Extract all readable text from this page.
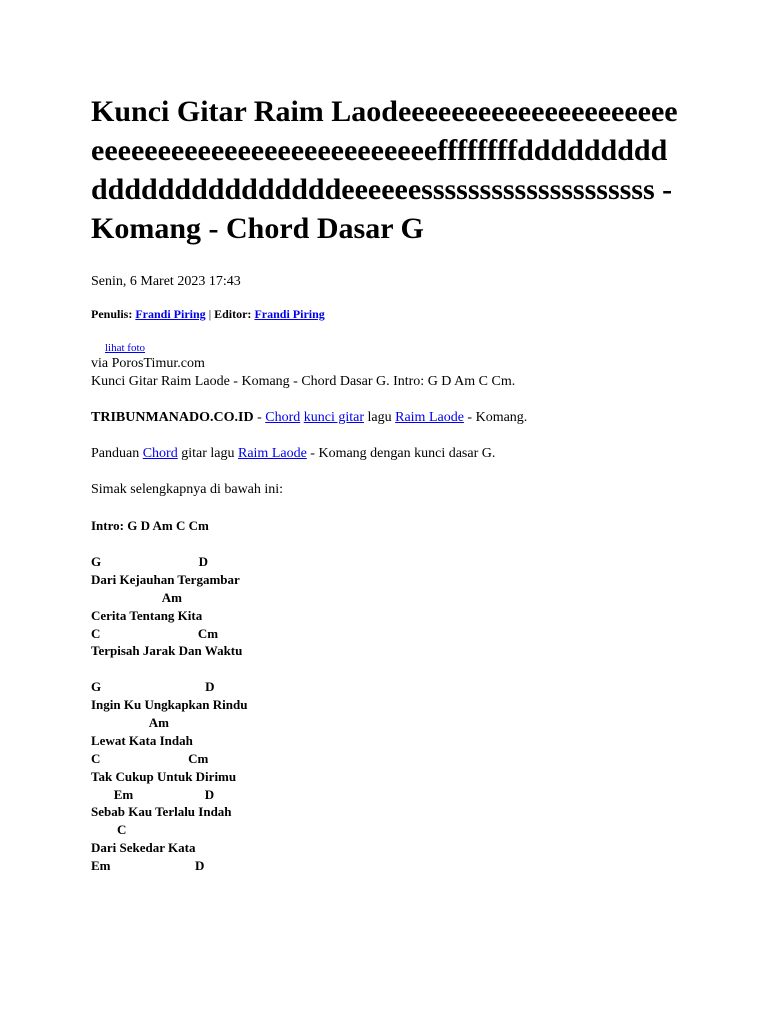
Kunci Gitar Raim Laodeeeeeeeeeeeeeeeeeeeeeeeeeeeeeeeeeeeeeeeeeeeeeeeffffffffddddddddddddddddddddddddeeeeeessssssssssssssssssss - Komang - Chord Dasar G
Senin, 6 Maret 2023 17:43
Penulis: Frandi Piring | Editor: Frandi Piring
lihat foto
via PorosTimur.com
Kunci Gitar Raim Laode - Komang - Chord Dasar G. Intro: G D Am C Cm.

TRIBUNMANADO.CO.ID - Chord kunci gitar lagu Raim Laode - Komang.

Panduan Chord gitar lagu Raim Laode - Komang dengan kunci dasar G.

Simak selengkapnya di bawah ini:

Intro: G D Am C Cm

G                              D
Dari Kejauhan Tergambar
Am
Cerita Tentang Kita
C                              Cm
Terpisah Jarak Dan Waktu
G                                D
Ingin Ku Ungkapkan Rindu
Am
Lewat Kata Indah
C                           Cm
Tak Cukup Untuk Dirimu
Em                      D
Sebab Kau Terlalu Indah
C
Dari Sekedar Kata
Em                          D
